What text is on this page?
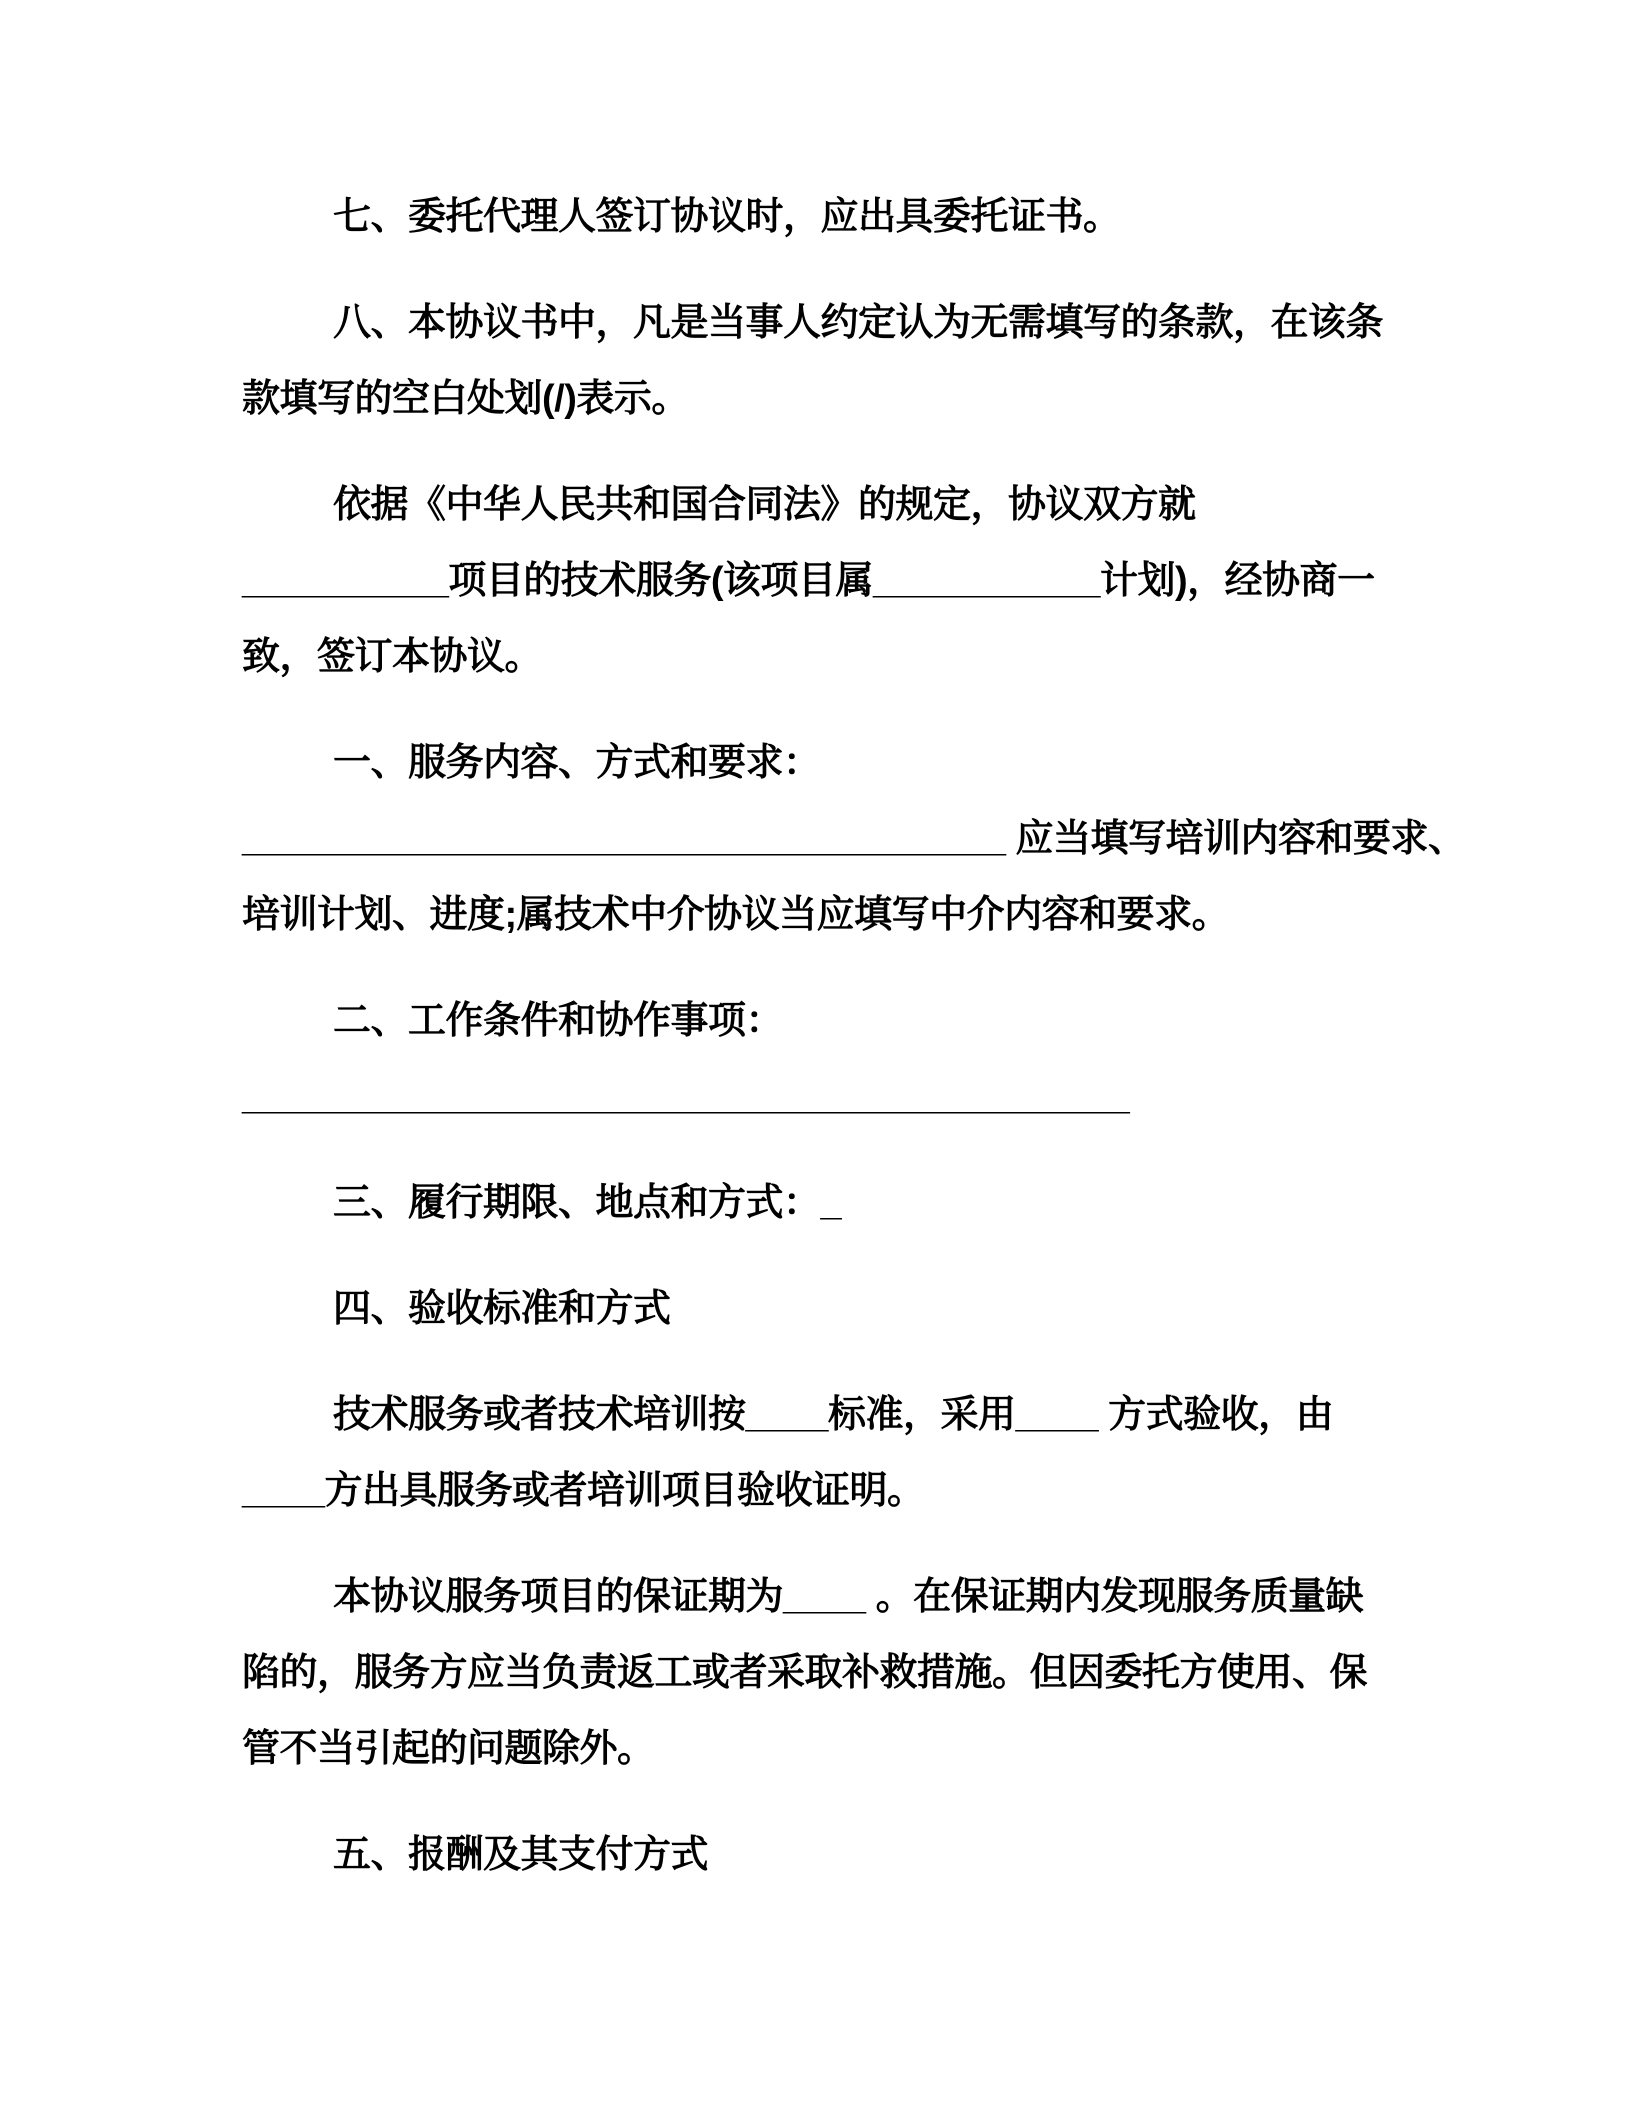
七、委托代理人签订协议时，应出具委托证书。
八、本协议书中，凡是当事人约定认为无需填写的条款，在该条
款填写的空白处划(/)表示。
依据《中华人民共和国合同法》的规定，协议双方就
__________项目的技术服务(该项目属___________计划)，经协商一
致，签订本协议。
一、服务内容、方式和要求：
_____________________________________ 应当填写培训内容和要求、
培训计划、进度;属技术中介协议当应填写中介内容和要求。
二、工作条件和协作事项：
___________________________________________
三、履行期限、地点和方式：_
四、验收标准和方式
技术服务或者技术培训按____标准，采用____ 方式验收，由
____方出具服务或者培训项目验收证明。
本协议服务项目的保证期为____ 。在保证期内发现服务质量缺
陷的，服务方应当负责返工或者采取补救措施。但因委托方使用、保
管不当引起的问题除外。
五、报酬及其支付方式
